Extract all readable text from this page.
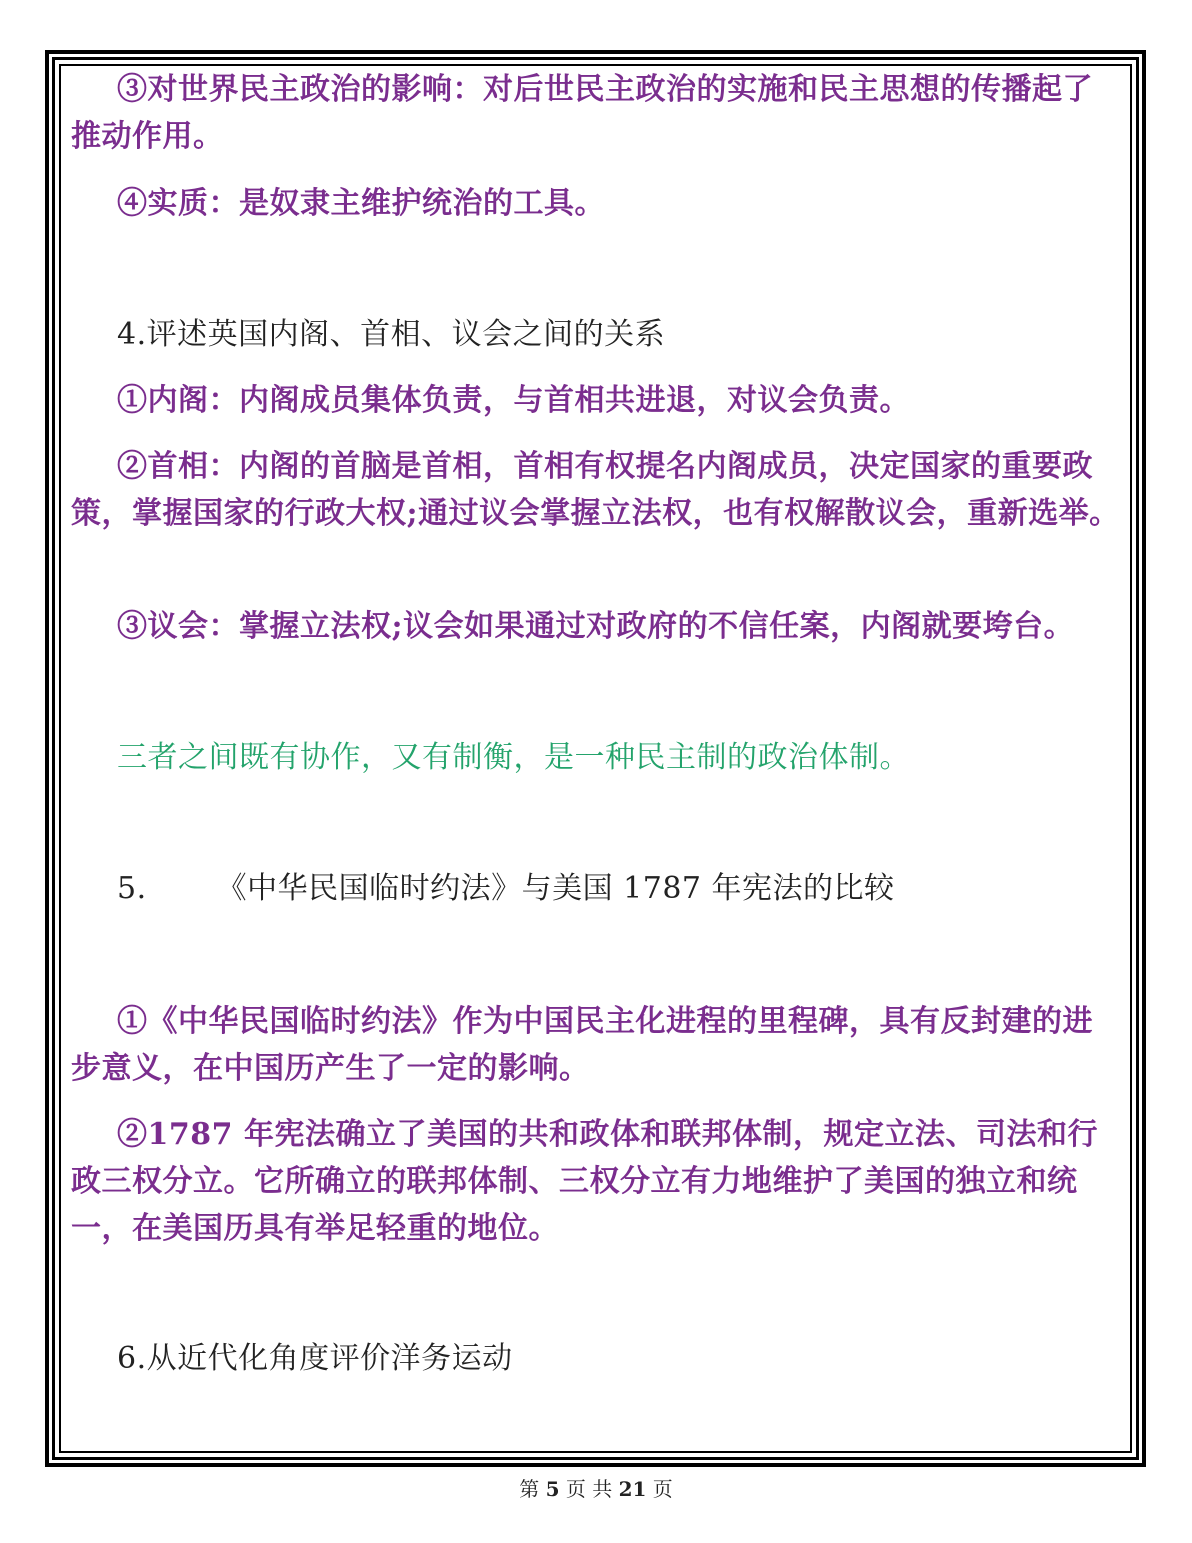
③对世界民主政治的影响：对后世民主政治的实施和民主思想的传播起了推动作用。

④实质：是奴隶主维护统治的工具。

4.评述英国内阁、首相、议会之间的关系

①内阁：内阁成员集体负责，与首相共进退，对议会负责。

②首相：内阁的首脑是首相，首相有权提名内阁成员，决定国家的重要政策，掌握国家的行政大权;通过议会掌握立法权，也有权解散议会，重新选举。

③议会：掌握立法权;议会如果通过对政府的不信任案，内阁就要垮台。

三者之间既有协作，又有制衡，是一种民主制的政治体制。

5. 《中华民国临时约法》与美国 1787 年宪法的比较

①《中华民国临时约法》作为中国民主化进程的里程碑，具有反封建的进步意义，在中国历产生了一定的影响。

②1787 年宪法确立了美国的共和政体和联邦体制，规定立法、司法和行政三权分立。它所确立的联邦体制、三权分立有力地维护了美国的独立和统一，在美国历具有举足轻重的地位。

6.从近代化角度评价洋务运动

第 5 页 共 21 页
